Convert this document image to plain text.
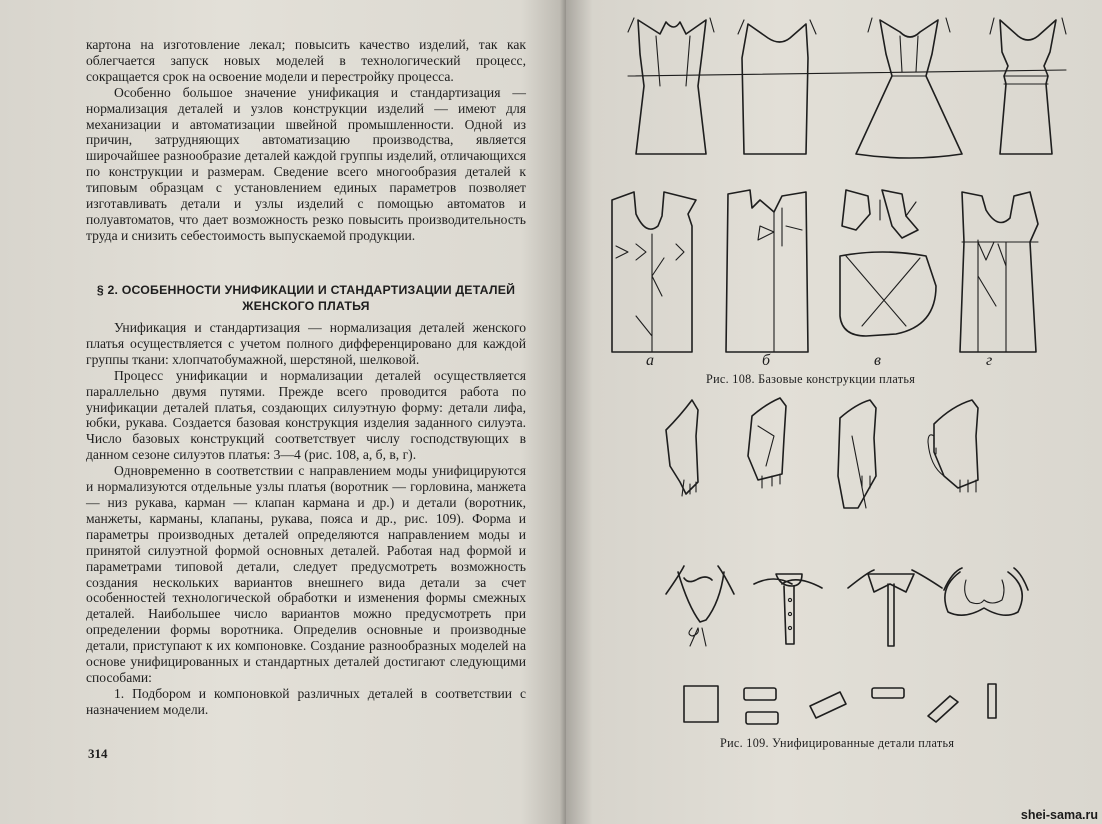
картона на изготовление лекал; повысить качество изделий, так как облегчается запуск новых моделей в технологический процесс, сокращается срок на освоение модели и перестройку процесса.

Особенно большое значение унификация и стандартизация — нормализация деталей и узлов конструкции изделий — имеют для механизации и автоматизации швейной промышленности. Одной из причин, затрудняющих автоматизацию производства, является широчайшее разнообразие деталей каждой группы изделий, отличающихся по конструкции и размерам. Сведение всего многообразия деталей к типовым образцам с установлением единых параметров позволяет изготавливать детали и узлы изделий с помощью автоматов и полуавтоматов, что дает возможность резко повысить производительность труда и снизить себестоимость выпускаемой продукции.

§ 2. ОСОБЕННОСТИ УНИФИКАЦИИ И СТАНДАРТИЗАЦИИ ДЕТАЛЕЙ ЖЕНСКОГО ПЛАТЬЯ

Унификация и стандартизация — нормализация деталей женского платья осуществляется с учетом полного дифференцировано для каждой группы ткани: хлопчатобумажной, шерстяной, шелковой.

Процесс унификации и нормализации деталей осуществляется параллельно двумя путями. Прежде всего проводится работа по унификации деталей платья, создающих силуэтную форму: детали лифа, юбки, рукава. Создается базовая конструкция изделия заданного силуэта. Число базовых конструкций соответствует числу господствующих в данном сезоне силуэтов платья: 3—4 (рис. 108, а, б, в, г).

Одновременно в соответствии с направлением моды унифицируются и нормализуются отдельные узлы платья (воротник — горловина, манжета — низ рукава, карман — клапан кармана и др.) и детали (воротник, манжеты, карманы, клапаны, рукава, пояса и др., рис. 109). Форма и параметры производных деталей определяются направлением моды и принятой силуэтной формой основных деталей. Работая над формой и параметрами типовой детали, следует предусмотреть возможность создания нескольких вариантов внешнего вида детали за счет особенностей технологической обработки и изменения формы смежных деталей. Наибольшее число вариантов можно предусмотреть при определении формы воротника. Определив основные и производные детали, приступают к их компоновке. Создание разнообразных моделей на основе унифицированных и стандартных деталей достигают следующими способами:

1. Подбором и компоновкой различных деталей в соответствии с назначением модели.

314
а	б	в	г
Рис. 108. Базовые конструкции платья
Рис. 109. Унифицированные детали платья
shei-sama.ru
